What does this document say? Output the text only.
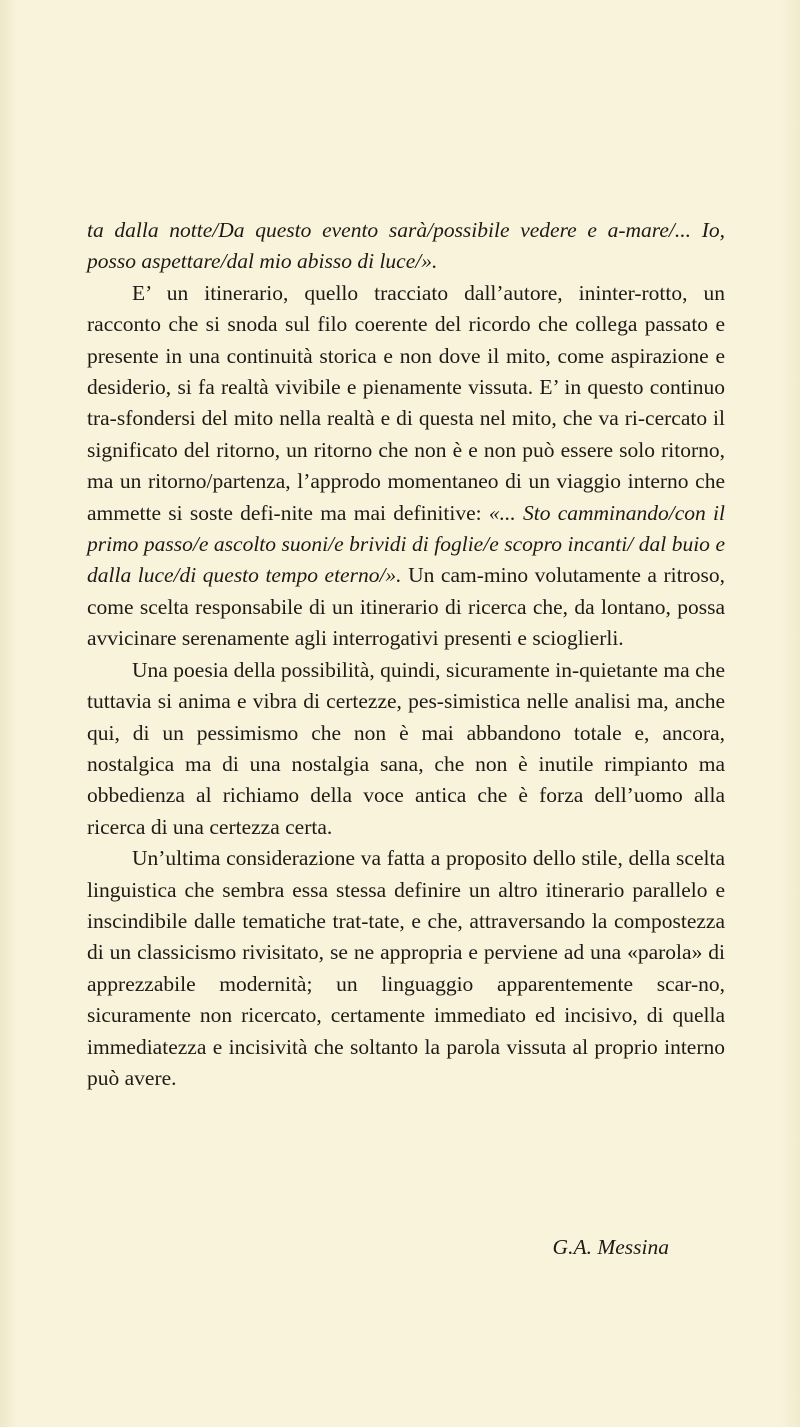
ta dalla notte/Da questo evento sarà/possibile vedere e a-mare/... Io, posso aspettare/dal mio abisso di luce/».

E’ un itinerario, quello tracciato dall’autore, ininter-rotto, un racconto che si snoda sul filo coerente del ricordo che collega passato e presente in una continuità storica e non dove il mito, come aspirazione e desiderio, si fa realtà vivibile e pienamente vissuta. E’ in questo continuo tra-sfondersi del mito nella realtà e di questa nel mito, che va ri-cercato il significato del ritorno, un ritorno che non è e non può essere solo ritorno, ma un ritorno/partenza, l’approdo momentaneo di un viaggio interno che ammette si soste defi-nite ma mai definitive: «... Sto camminando/con il primo passo/e ascolto suoni/e brividi di foglie/e scopro incanti/ dal buio e dalla luce/di questo tempo eterno/». Un cam-mino volutamente a ritroso, come scelta responsabile di un itinerario di ricerca che, da lontano, possa avvicinare serenamente agli interrogativi presenti e scioglierli.

Una poesia della possibilità, quindi, sicuramente in-quietante ma che tuttavia si anima e vibra di certezze, pes-simistica nelle analisi ma, anche qui, di un pessimismo che non è mai abbandono totale e, ancora, nostalgica ma di una nostalgia sana, che non è inutile rimpianto ma obbedienza al richiamo della voce antica che è forza dell’uomo alla ricerca di una certezza certa.

Un’ultima considerazione va fatta a proposito dello stile, della scelta linguistica che sembra essa stessa definire un altro itinerario parallelo e inscindibile dalle tematiche trat-tate, e che, attraversando la compostezza di un classicismo rivisitato, se ne appropria e perviene ad una «parola» di apprezzabile modernità; un linguaggio apparentemente scar-no, sicuramente non ricercato, certamente immediato ed incisivo, di quella immediatezza e incisività che soltanto la parola vissuta al proprio interno può avere.

G.A. Messina
